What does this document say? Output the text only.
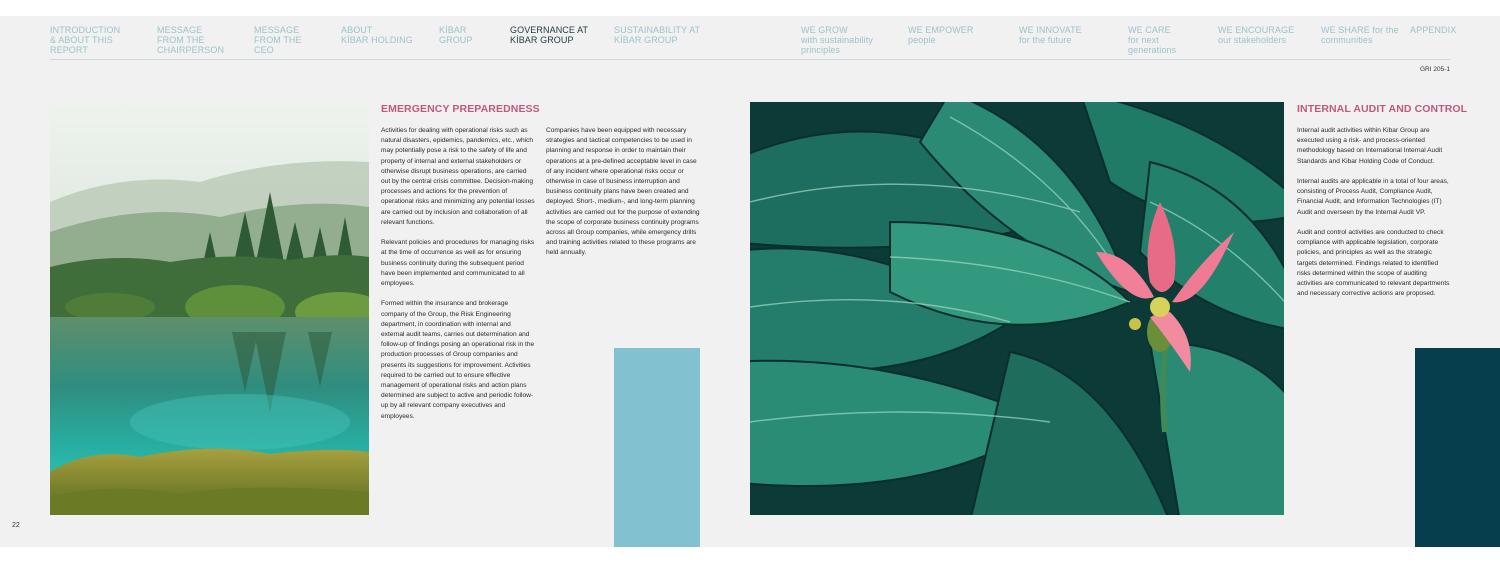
INTRODUCTION
& ABOUT THIS
REPORT
MESSAGE
FROM THE
CHAIRPERSON
MESSAGE
FROM THE
CEO
ABOUT
KİBAR HOLDING
KİBAR
GROUP
GOVERNANCE AT
KİBAR GROUP
SUSTAINABILITY AT
KİBAR GROUP
WE GROW
with sustainability
principles
WE EMPOWER
people
WE INNOVATE
for the future
WE CARE
for next
generations
WE ENCOURAGE
our stakeholders
WE SHARE for the
communities
APPENDIX
GRI 205-1
EMERGENCY PREPAREDNESS

Activities for dealing with operational risks such as natural disasters, epidemics, pandemics, etc., which may potentially pose a risk to the safety of life and property of internal and external stakeholders or otherwise disrupt business operations, are carried out by the central crisis committee. Decision-making processes and actions for the prevention of operational risks and minimizing any potential losses are carried out by inclusion and collaboration of all relevant functions.

Relevant policies and procedures for managing risks at the time of occurrence as well as for ensuring business continuity during the subsequent period have been implemented and communicated to all employees.

Formed within the insurance and brokerage company of the Group, the Risk Engineering department, in coordination with internal and external audit teams, carries out determination and follow-up of findings posing an operational risk in the production processes of Group companies and presents its suggestions for improvement. Activities required to be carried out to ensure effective management of operational risks and action plans determined are subject to active and periodic follow-up by all relevant company executives and employees.

Companies have been equipped with necessary strategies and tactical competencies to be used in planning and response in order to maintain their operations at a pre-defined acceptable level in case of any incident where operational risks occur or otherwise in case of business interruption and business continuity plans have been created and deployed. Short-, medium-, and long-term planning activities are carried out for the purpose of extending the scope of corporate business continuity programs across all Group companies, while emergency drills and training activities related to these programs are held annually.

INTERNAL AUDIT AND CONTROL

Internal audit activities within Kibar Group are executed using a risk- and process-oriented methodology based on International Internal Audit Standards and Kibar Holding Code of Conduct.

Internal audits are applicable in a total of four areas, consisting of Process Audit, Compliance Audit, Financial Audit, and Information Technologies (IT) Audit and overseen by the Internal Audit VP.

Audit and control activities are conducted to check compliance with applicable legislation, corporate policies, and principles as well as the strategic targets determined. Findings related to identified risks determined within the scope of auditing activities are communicated to relevant departments and necessary corrective actions are proposed.

22
